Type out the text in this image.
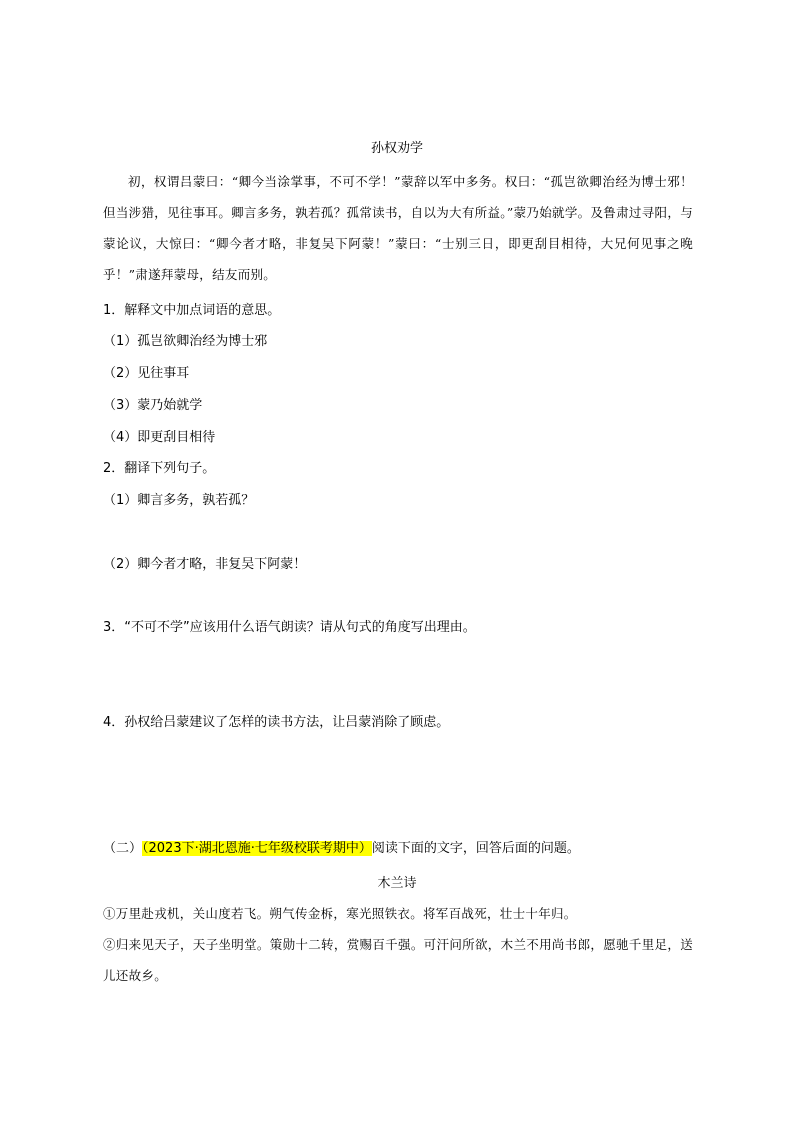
孙权劝学
初，权谓吕蒙曰：“卿今当涂掌事，不可不学！”蒙辞以军中多务。权曰：“孤岂欲卿治经为博士邪！但当涉猎，见往事耳。卿言多务，孰若孤？孤常读书，自以为大有所益。”蒙乃始就学。及鲁肃过寻阳，与蒙论议，大惊曰：“卿今者才略，非复吴下阿蒙！”蒙曰：“士别三日，即更刮目相待，大兄何见事之晚乎！”肃遂拜蒙母，结友而别。
1．解释文中加点词语的意思。
（1）孤岂欲卿治经为博士邪
（2）见往事耳
（3）蒙乃始就学
（4）即更刮目相待
2．翻译下列句子。
（1）卿言多务，孰若孤？
（2）卿今者才略，非复吴下阿蒙！
3．“不可不学”应该用什么语气朗读？请从句式的角度写出理由。
4．孙权给吕蒙建议了怎样的读书方法，让吕蒙消除了顾虑。
（二）（2023下·湖北恩施·七年级校联考期中）阅读下面的文字，回答后面的问题。
木兰诗
①万里赴戎机，关山度若飞。朔气传金柝，寒光照铁衣。将军百战死，壮士十年归。
②归来见天子，天子坐明堂。策勋十二转，赏赐百千强。可汗问所欲，木兰不用尚书郎，愿驰千里足，送儿还故乡。
